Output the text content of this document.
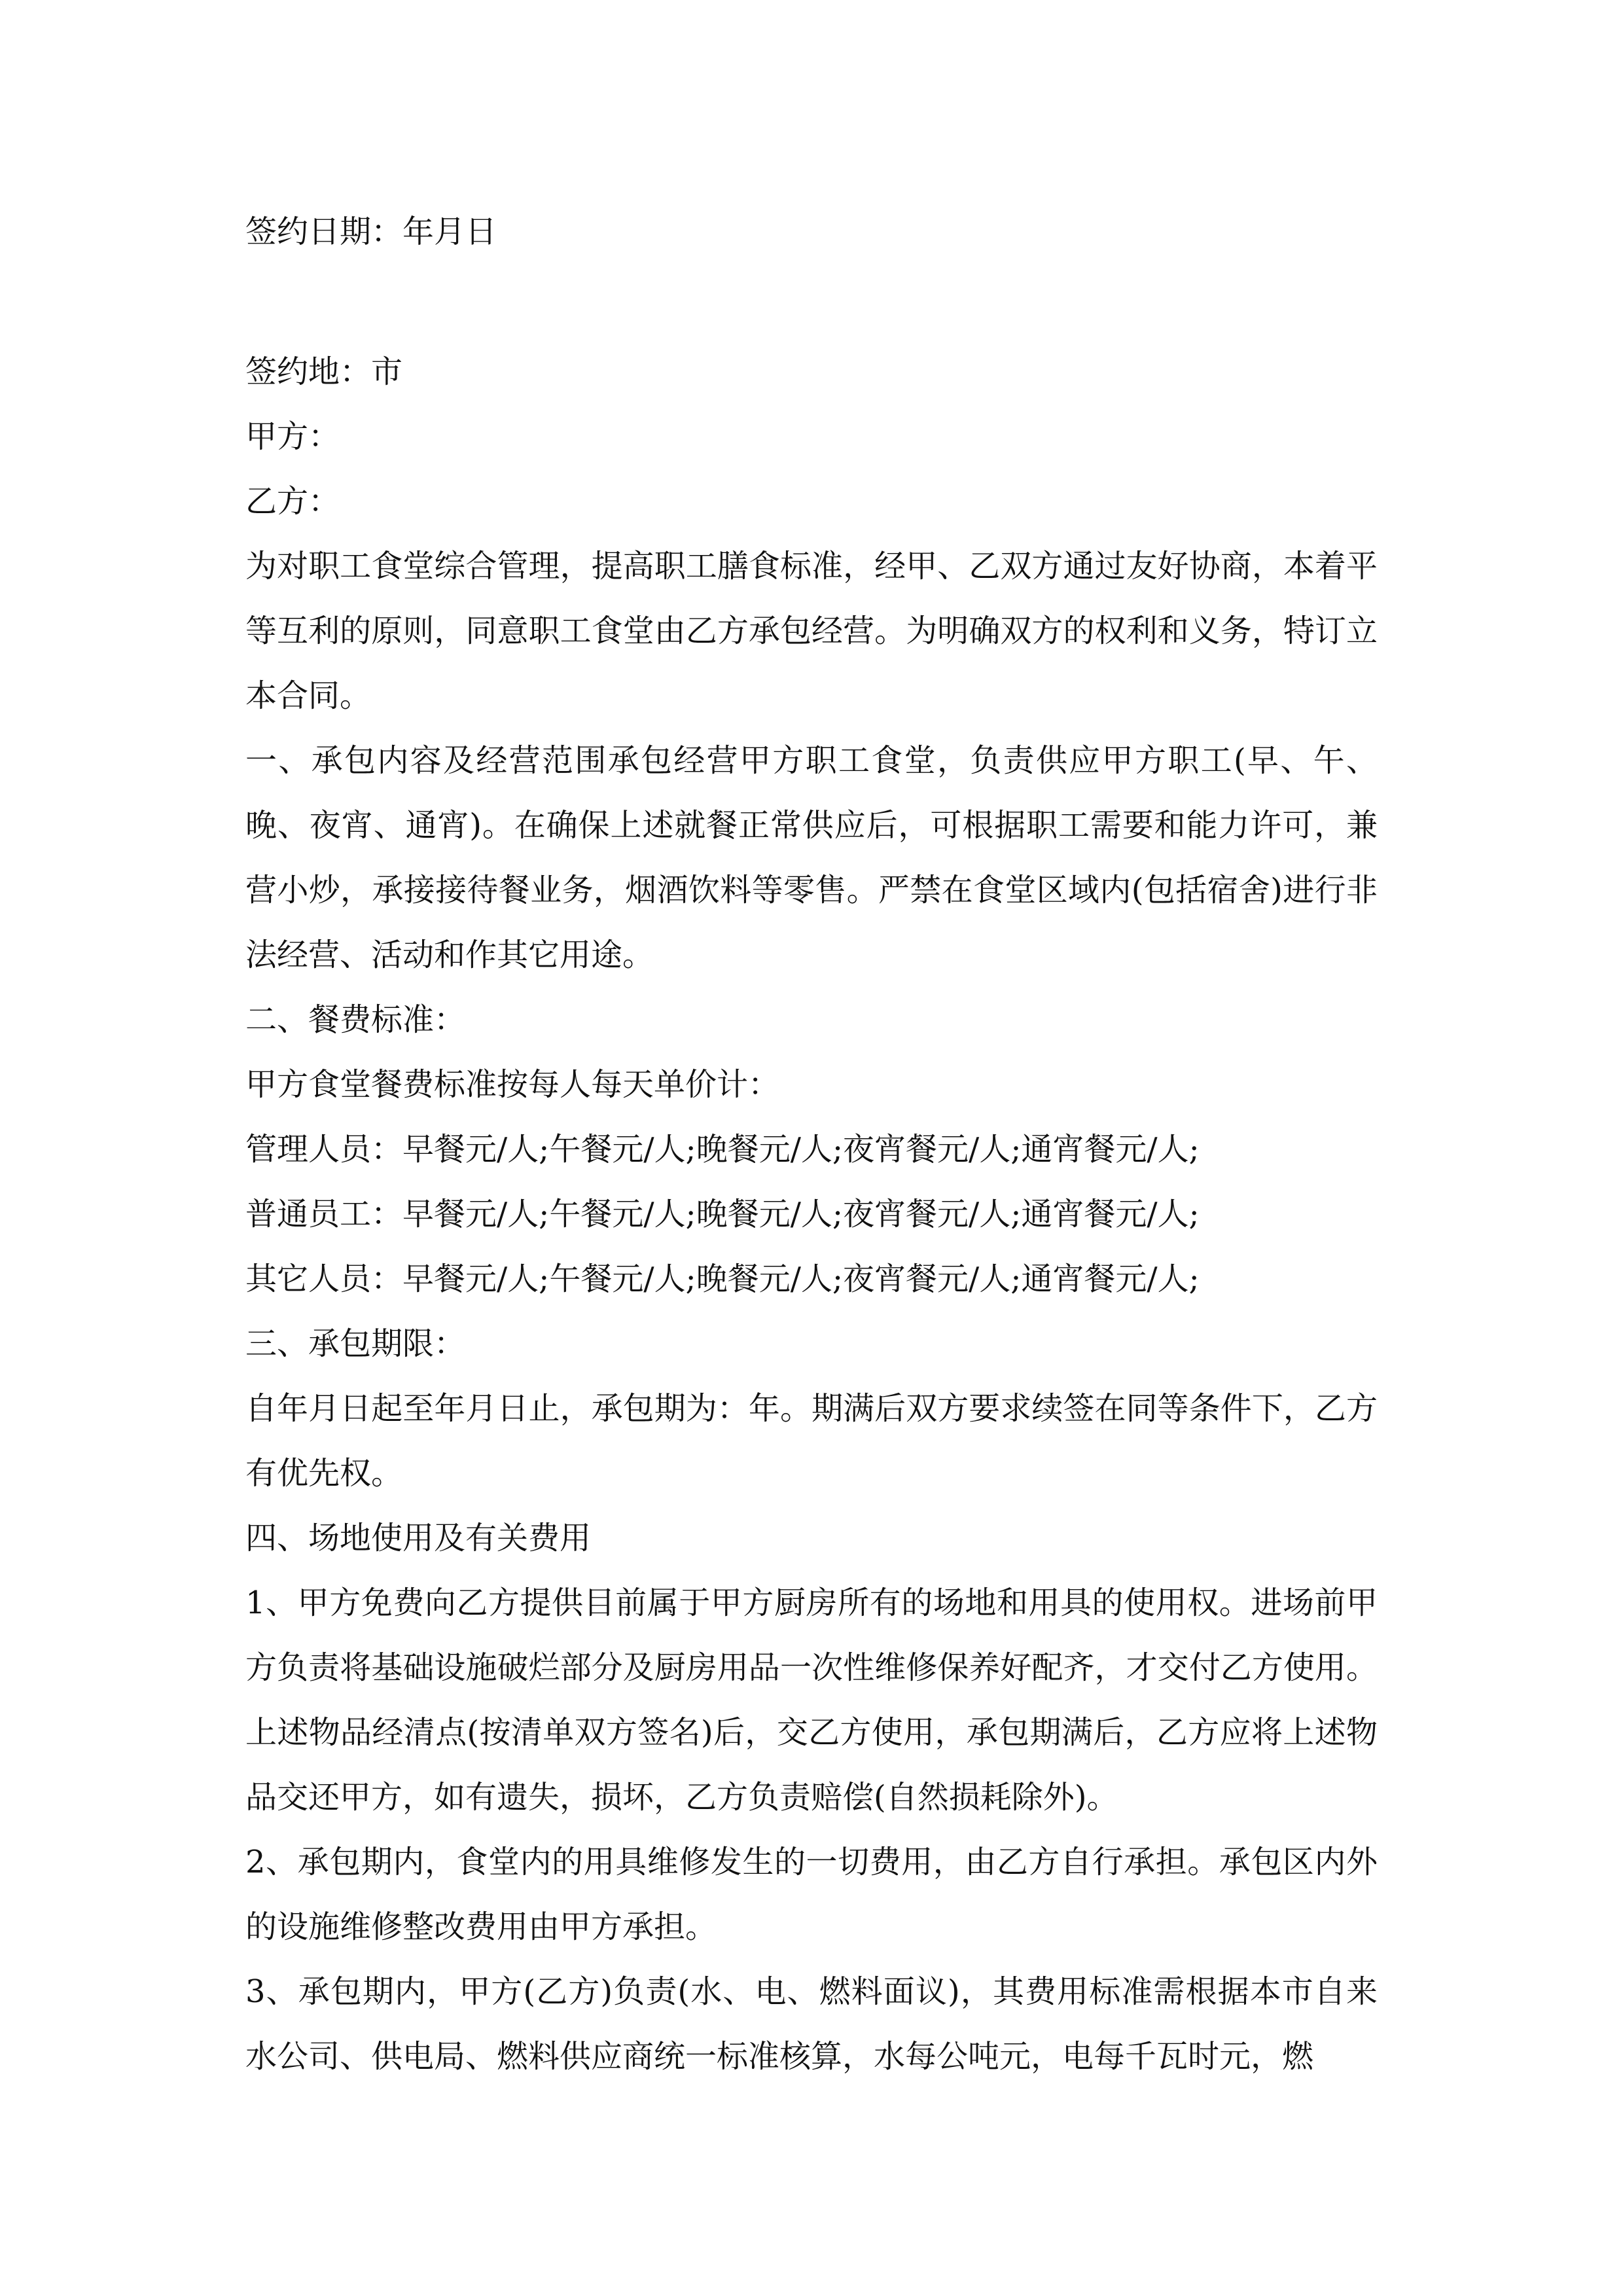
签约日期：年月日

签约地：市

甲方：

乙方：

为对职工食堂综合管理，提高职工膳食标准，经甲、乙双方通过友好协商，本着平等互利的原则，同意职工食堂由乙方承包经营。为明确双方的权利和义务，特订立本合同。

一、承包内容及经营范围承包经营甲方职工食堂，负责供应甲方职工(早、午、晚、夜宵、通宵)。在确保上述就餐正常供应后，可根据职工需要和能力许可，兼营小炒，承接接待餐业务，烟酒饮料等零售。严禁在食堂区域内(包括宿舍)进行非法经营、活动和作其它用途。

二、餐费标准：

甲方食堂餐费标准按每人每天单价计：

管理人员：早餐元/人;午餐元/人;晚餐元/人;夜宵餐元/人;通宵餐元/人;

普通员工：早餐元/人;午餐元/人;晚餐元/人;夜宵餐元/人;通宵餐元/人;

其它人员：早餐元/人;午餐元/人;晚餐元/人;夜宵餐元/人;通宵餐元/人;

三、承包期限：

自年月日起至年月日止，承包期为：年。期满后双方要求续签在同等条件下，乙方有优先权。

四、场地使用及有关费用

1、甲方免费向乙方提供目前属于甲方厨房所有的场地和用具的使用权。进场前甲方负责将基础设施破烂部分及厨房用品一次性维修保养好配齐，才交付乙方使用。上述物品经清点(按清单双方签名)后，交乙方使用，承包期满后，乙方应将上述物品交还甲方，如有遗失，损坏，乙方负责赔偿(自然损耗除外)。

2、承包期内，食堂内的用具维修发生的一切费用，由乙方自行承担。承包区内外的设施维修整改费用由甲方承担。

3、承包期内，甲方(乙方)负责(水、电、燃料面议)，其费用标准需根据本市自来水公司、供电局、燃料供应商统一标准核算，水每公吨元，电每千瓦时元，燃
